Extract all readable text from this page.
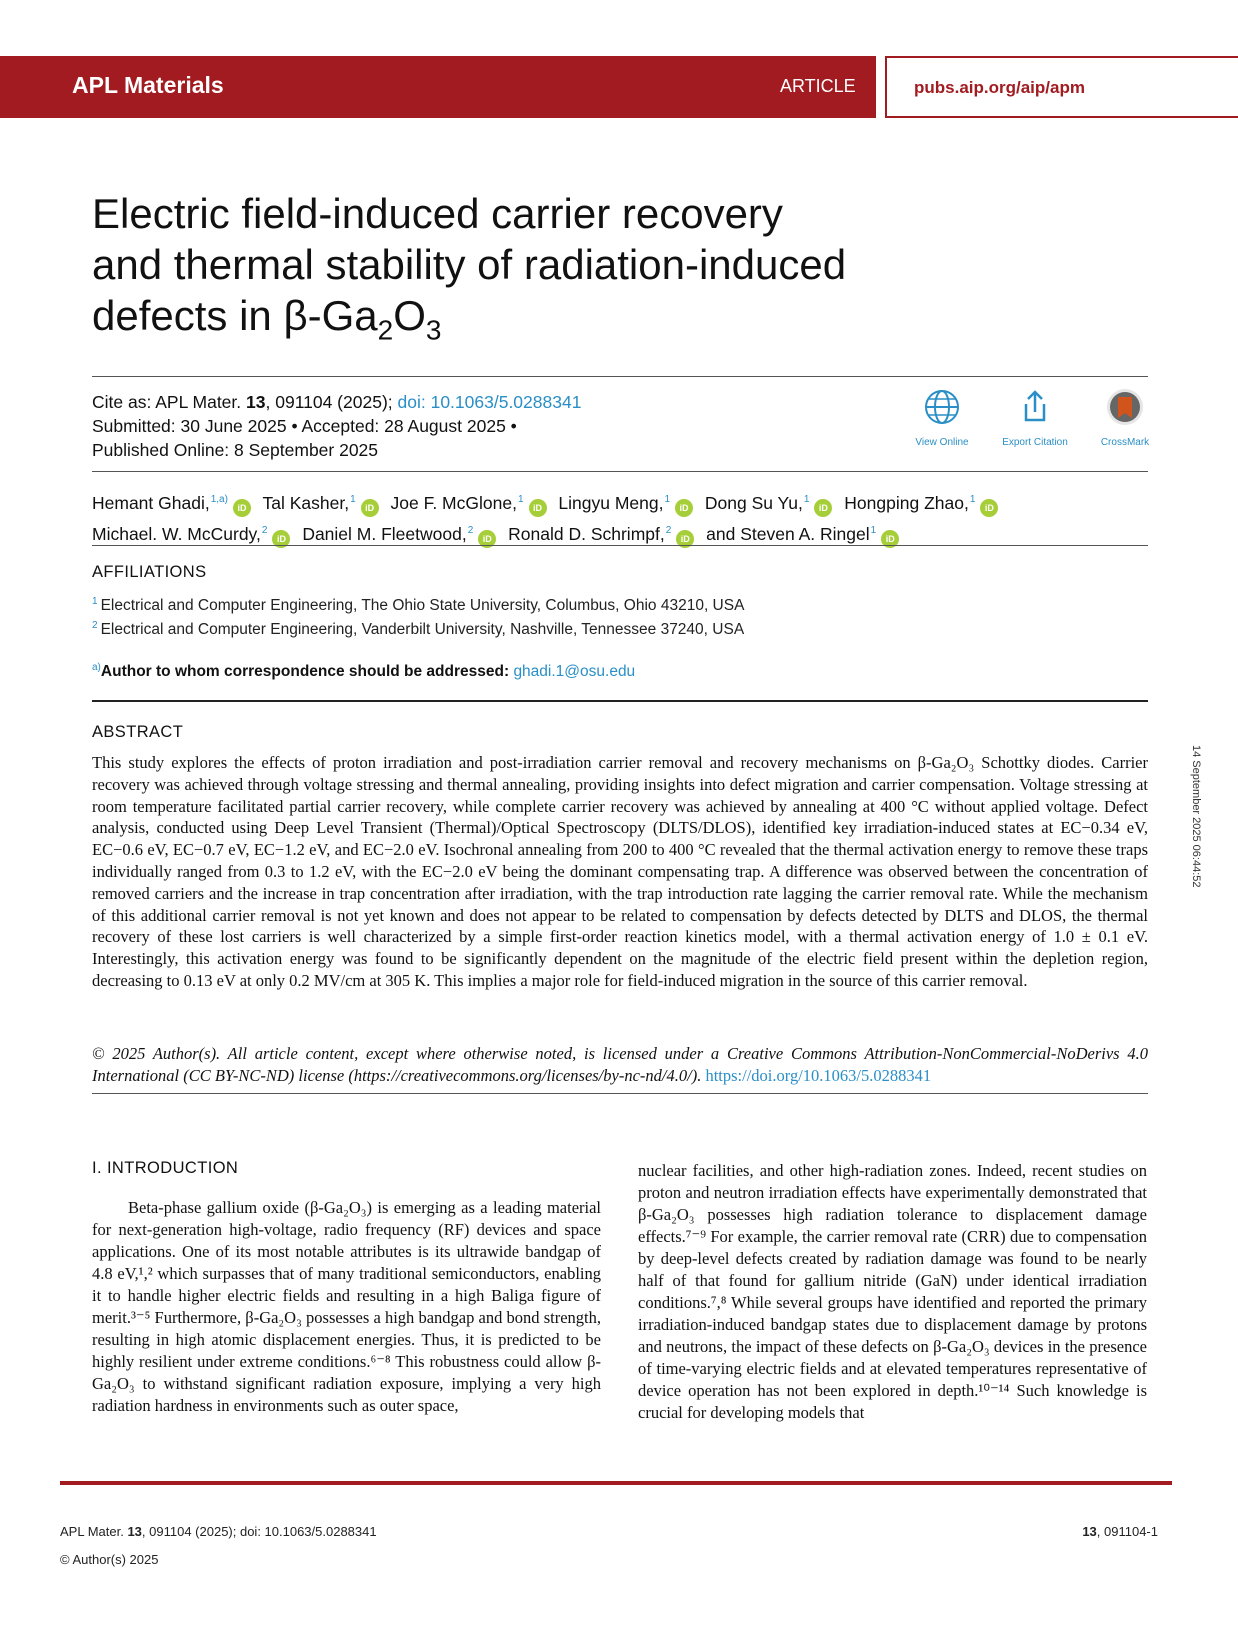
APL Materials	ARTICLE	pubs.aip.org/aip/apm
Electric field-induced carrier recovery
and thermal stability of radiation-induced
defects in $\beta-Ga_2O_3$
Cite as: APL Mater. 13, 091104 (2025); doi: 10.1063/5.0288341
Submitted: 30 June 2025 • Accepted: 28 August 2025 •
Published Online: 8 September 2025	View Online	Export Citation	CrossMark
Hemant Ghadi,$^{1,a)}$iD Tal Kasher,$^1$iD Joe F. McGlone,$^1$iD Lingyu Meng,$^1$iD Dong Su Yu,$^1$iD Hongping Zhao,$^1$iD Michael. W. McCurdy,$^2$iD Daniel M. Fleetwood,$^2$iD Ronald D. Schrimpf,$^2$iD and Steven A. Ringel$^1$iD
AFFILIATIONS
$^1$ Electrical and Computer Engineering, The Ohio State University, Columbus, Ohio 43210, USA
$^2$ Electrical and Computer Engineering, Vanderbilt University, Nashville, Tennessee 37240, USA
$^{a)}$Author to whom correspondence should be addressed: ghadi.1@osu.edu
ABSTRACT

This study explores the effects of proton irradiation and post-irradiation carrier removal and recovery mechanisms on β-Ga₂O₃ Schottky diodes. Carrier recovery was achieved through voltage stressing and thermal annealing, providing insights into defect migration and carrier compensation. Voltage stressing at room temperature facilitated partial carrier recovery, while complete carrier recovery was achieved by annealing at 400 °C without applied voltage. Defect analysis, conducted using Deep Level Transient (Thermal)/Optical Spectroscopy (DLTS/DLOS), identified key irradiation-induced states at EC−0.34 eV, EC−0.6 eV, EC−0.7 eV, EC−1.2 eV, and EC−2.0 eV. Isochronal annealing from 200 to 400 °C revealed that the thermal activation energy to remove these traps individually ranged from 0.3 to 1.2 eV, with the EC−2.0 eV being the dominant compensating trap. A difference was observed between the concentration of removed carriers and the increase in trap concentration after irradiation, with the trap introduction rate lagging the carrier removal rate. While the mechanism of this additional carrier removal is not yet known and does not appear to be related to compensation by defects detected by DLTS and DLOS, the thermal recovery of these lost carriers is well characterized by a simple first-order reaction kinetics model, with a thermal activation energy of 1.0 ± 0.1 eV. Interestingly, this activation energy was found to be significantly dependent on the magnitude of the electric field present within the depletion region, decreasing to 0.13 eV at only 0.2 MV/cm at 305 K. This implies a major role for field-induced migration in the source of this carrier removal.

© 2025 Author(s). All article content, except where otherwise noted, is licensed under a Creative Commons Attribution-NonCommercial-NoDerivs 4.0 International (CC BY-NC-ND) license (https://creativecommons.org/licenses/by-nc-nd/4.0/). https://doi.org/10.1063/5.0288341

14 September 2025 06:44:52
I. INTRODUCTION

Beta-phase gallium oxide (β-Ga₂O₃) is emerging as a leading material for next-generation high-voltage, radio frequency (RF) devices and space applications. One of its most notable attributes is its ultrawide bandgap of 4.8 eV,¹,² which surpasses that of many traditional semiconductors, enabling it to handle higher electric fields and resulting in a high Baliga figure of merit.³⁻⁵ Furthermore, β-Ga₂O₃ possesses a high bandgap and bond strength, resulting in high atomic displacement energies. Thus, it is predicted to be highly resilient under extreme conditions.⁶⁻⁸ This robustness could allow β-Ga₂O₃ to withstand significant radiation exposure, implying a very high radiation hardness in environments such as outer space,

nuclear facilities, and other high-radiation zones. Indeed, recent studies on proton and neutron irradiation effects have experimentally demonstrated that β-Ga₂O₃ possesses high radiation tolerance to displacement damage effects.⁷⁻⁹ For example, the carrier removal rate (CRR) due to compensation by deep-level defects created by radiation damage was found to be nearly half of that found for gallium nitride (GaN) under identical irradiation conditions.⁷,⁸ While several groups have identified and reported the primary irradiation-induced bandgap states due to displacement damage by protons and neutrons, the impact of these defects on β-Ga₂O₃ devices in the presence of time-varying electric fields and at elevated temperatures representative of device operation has not been explored in depth.¹⁰⁻¹⁴ Such knowledge is crucial for developing models that

APL Mater. 13, 091104 (2025); doi: 10.1063/5.0288341
© Author(s) 2025
13, 091104-1
